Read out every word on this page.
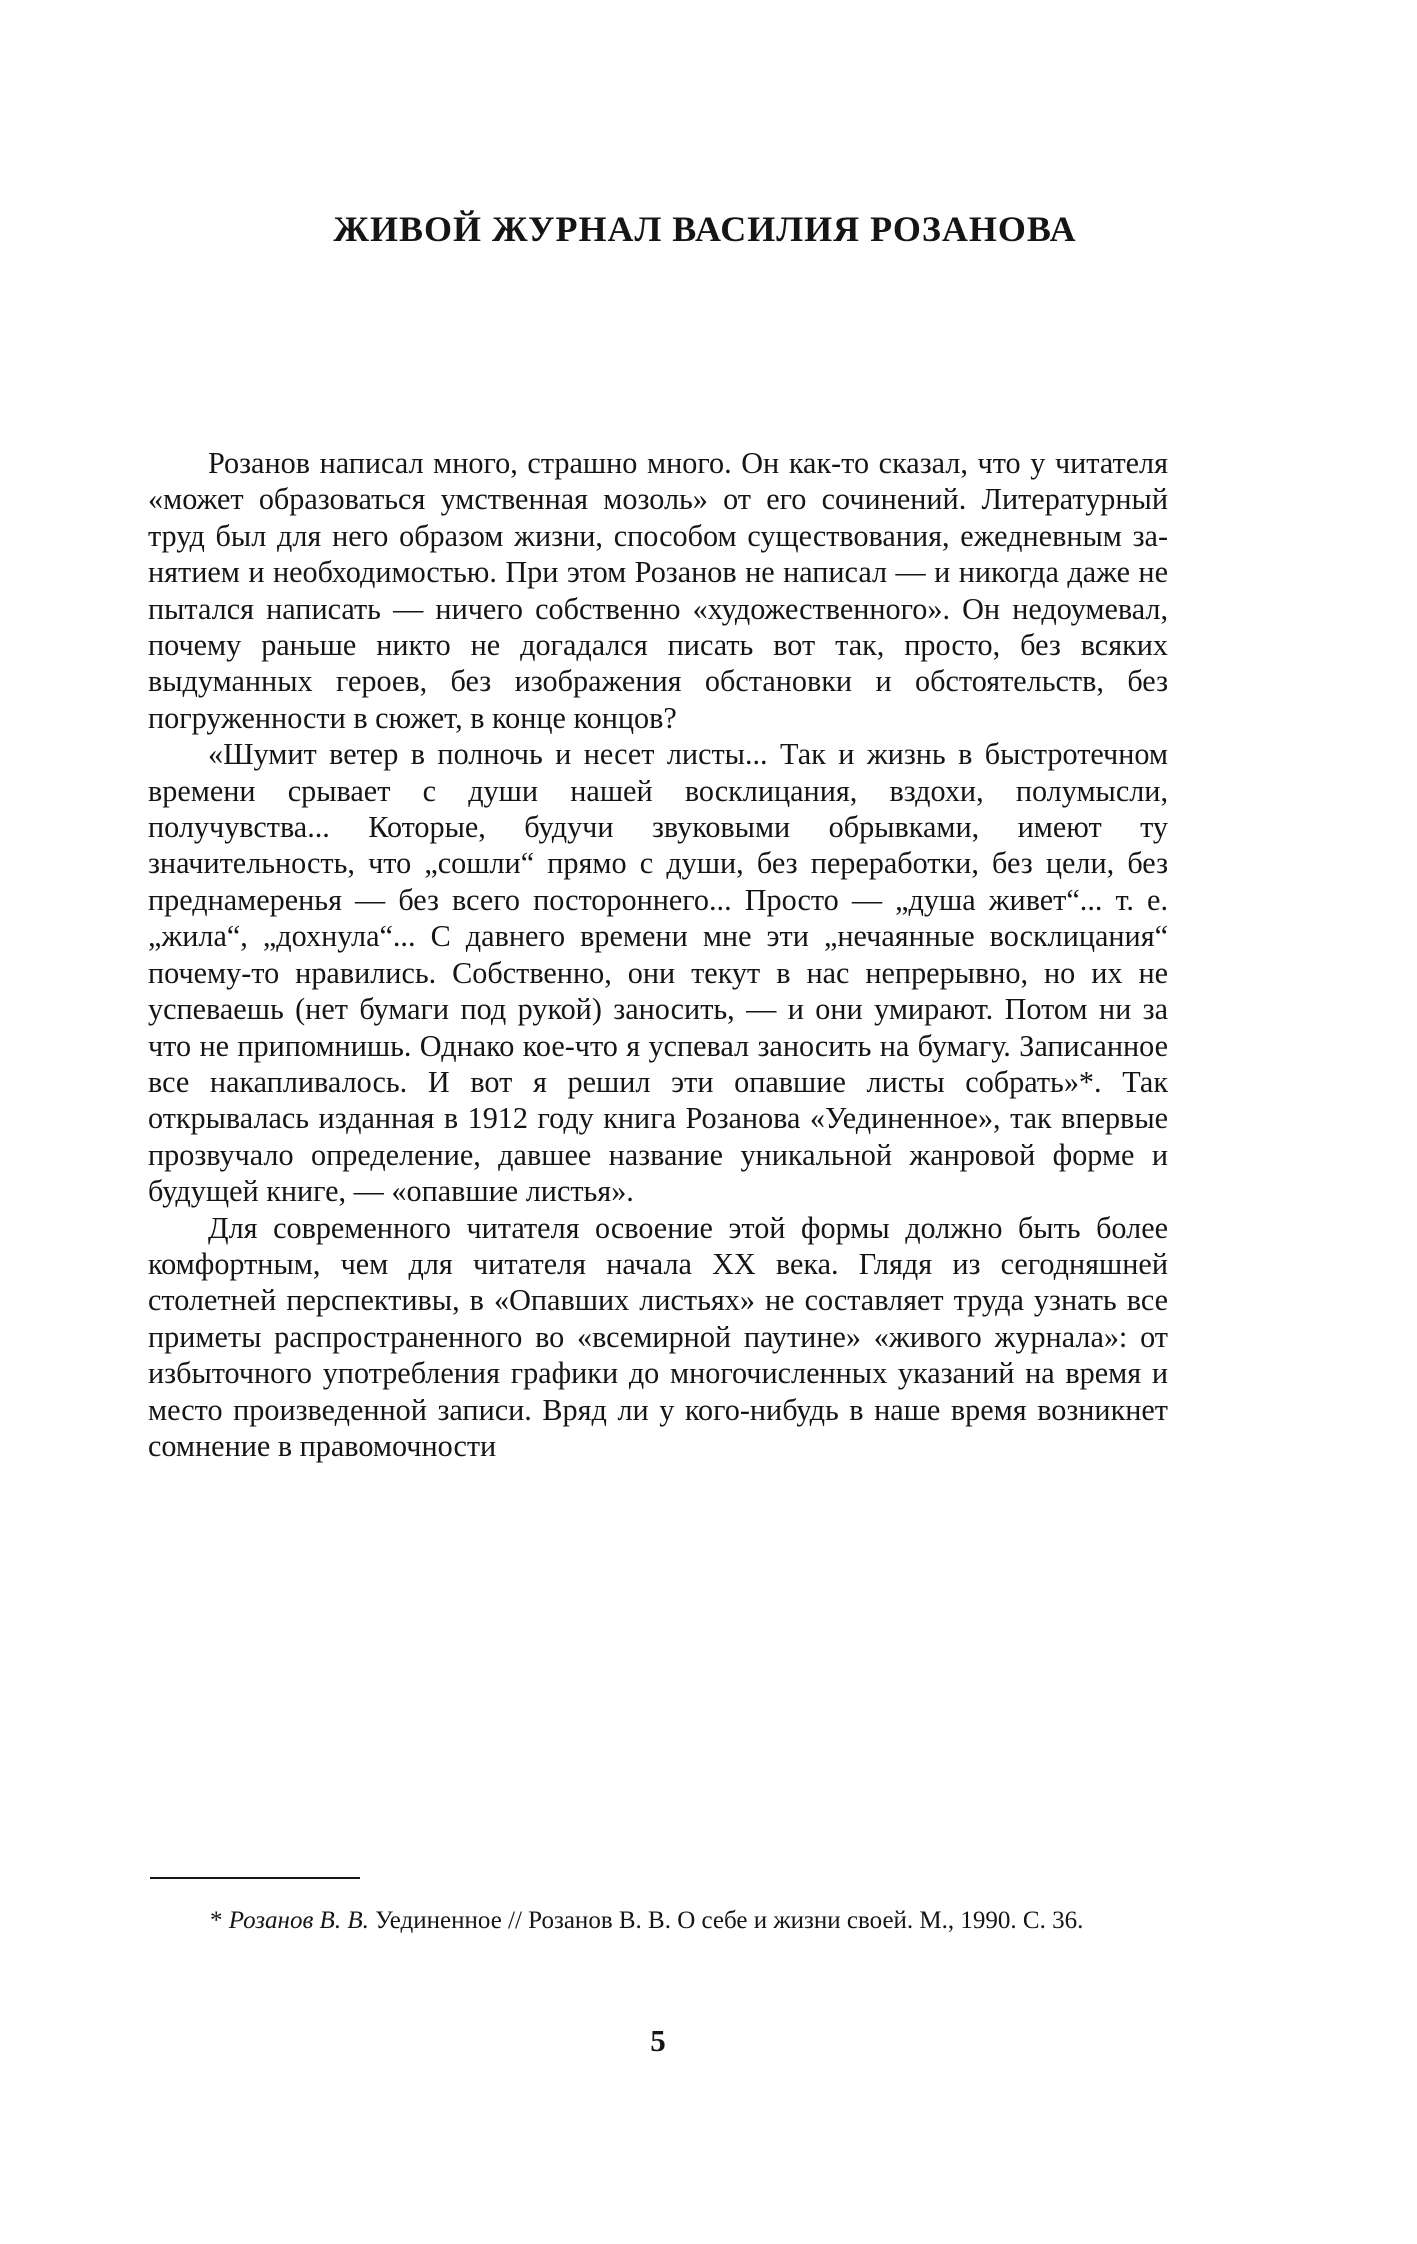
ЖИВОЙ ЖУРНАЛ ВАСИЛИЯ РОЗАНОВА

Розанов написал много, страшно много. Он как-то сказал, что у читателя «может образоваться умственная мозоль» от его сочинений. Литературный труд был для него образом жизни, способом существования, ежедневным занятием и необходимостью. При этом Розанов не написал — и никогда даже не пытался написать — ничего собственно «художественного». Он недоумевал, почему раньше никто не догадался писать вот так, просто, без всяких выдуманных героев, без изображения обстановки и обстоятельств, без погруженности в сюжет, в конце концов?

«Шумит ветер в полночь и несет листы... Так и жизнь в быстротечном времени срывает с души нашей восклицания, вздохи, полумысли, получувства... Которые, будучи звуковыми обрывками, имеют ту значительность, что „сошли“ прямо с души, без переработки, без цели, без преднамеренья — без всего постороннего... Просто — „душа живет“... т. е. „жила“, „дохнула“... С давнего времени мне эти „нечаянные восклицания“ почему-то нравились. Собственно, они текут в нас непрерывно, но их не успеваешь (нет бумаги под рукой) заносить, — и они умирают. Потом ни за что не припомнишь. Однако кое-что я успевал заносить на бумагу. Записанное все накапливалось. И вот я решил эти опавшие листы собрать»*. Так открывалась изданная в 1912 году книга Розанова «Уединенное», так впервые прозвучало определение, давшее название уникальной жанровой форме и будущей книге, — «опавшие листья».

Для современного читателя освоение этой формы должно быть более комфортным, чем для читателя начала XX века. Глядя из сегодняшней столетней перспективы, в «Опавших листьях» не составляет труда узнать все приметы распространенного во «всемирной паутине» «живого журнала»: от избыточного употребления графики до многочисленных указаний на время и место произведенной записи. Вряд ли у кого-нибудь в наше время возникнет сомнение в правомочности

* Розанов В. В. Уединенное // Розанов В. В. О себе и жизни своей. М., 1990. С. 36.

5
